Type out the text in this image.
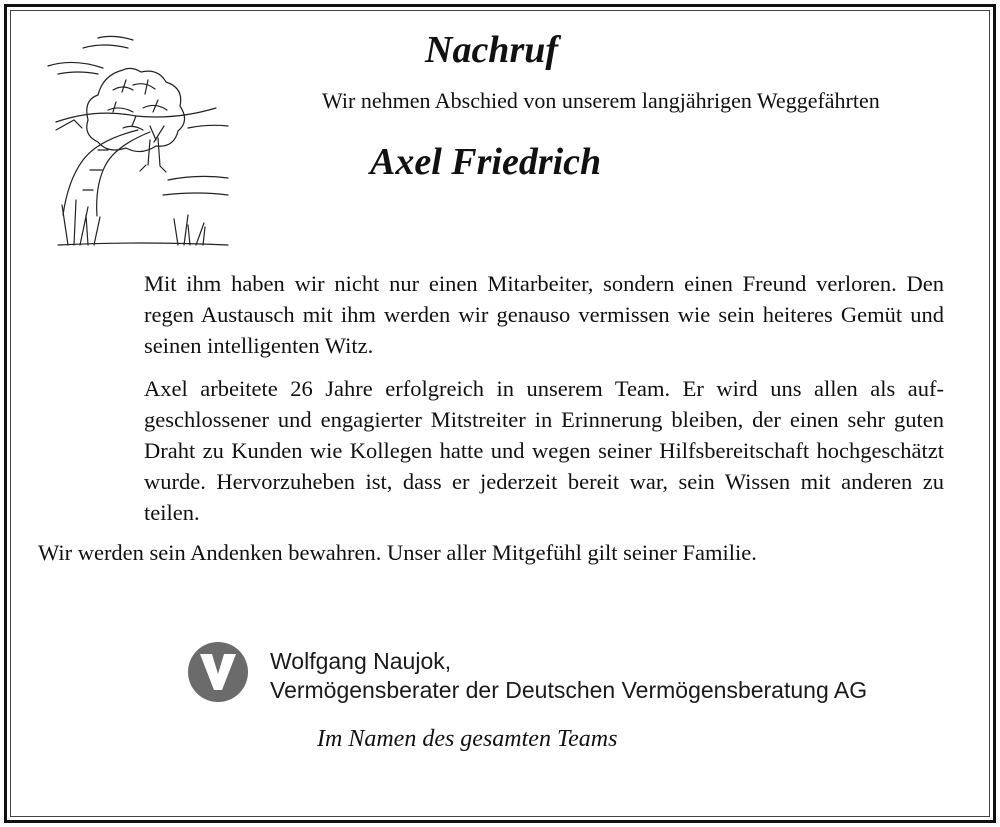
Nachruf
Wir nehmen Abschied von unserem langjährigen Weggefährten
Axel Friedrich

Mit ihm haben wir nicht nur einen Mitarbeiter, sondern einen Freund verloren. Den regen Austausch mit ihm werden wir genauso vermissen wie sein heiteres Gemüt und seinen intelligenten Witz.

Axel arbeitete 26 Jahre erfolgreich in unserem Team. Er wird uns allen als aufgeschlossener und engagierter Mitstreiter in Erinnerung bleiben, der einen sehr guten Draht zu Kunden wie Kollegen hatte und wegen seiner Hilfsbereitschaft hochgeschätzt wurde. Hervorzuheben ist, dass er jederzeit bereit war, sein Wissen mit anderen zu teilen.

Wir werden sein Andenken bewahren. Unser aller Mitgefühl gilt seiner Familie.
Wolfgang Naujok,
Vermögensberater der Deutschen Vermögensberatung AG
Im Namen des gesamten Teams
